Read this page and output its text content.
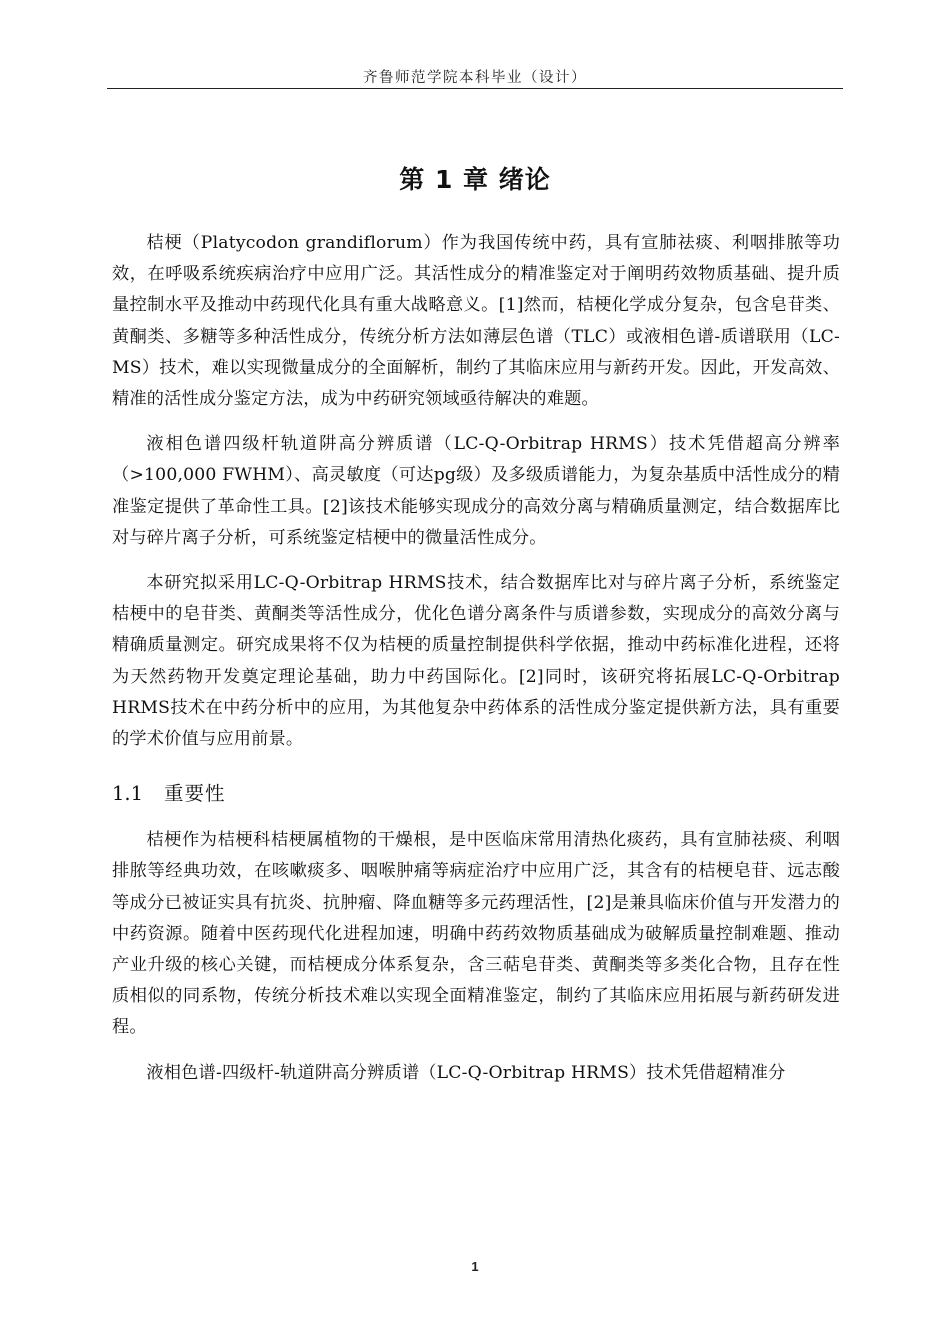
齐鲁师范学院本科毕业（设计）
第 1 章 绪论

桔梗（Platycodon grandiflorum）作为我国传统中药，具有宣肺祛痰、利咽排脓等功效，在呼吸系统疾病治疗中应用广泛。其活性成分的精准鉴定对于阐明药效物质基础、提升质量控制水平及推动中药现代化具有重大战略意义。[1]然而，桔梗化学成分复杂，包含皂苷类、黄酮类、多糖等多种活性成分，传统分析方法如薄层色谱（TLC）或液相色谱-质谱联用（LC-MS）技术，难以实现微量成分的全面解析，制约了其临床应用与新药开发。因此，开发高效、精准的活性成分鉴定方法，成为中药研究领域亟待解决的难题。

液相色谱四级杆轨道阱高分辨质谱（LC-Q-Orbitrap HRMS）技术凭借超高分辨率（>100,000 FWHM）、高灵敏度（可达pg级）及多级质谱能力，为复杂基质中活性成分的精准鉴定提供了革命性工具。[2]该技术能够实现成分的高效分离与精确质量测定，结合数据库比对与碎片离子分析，可系统鉴定桔梗中的微量活性成分。

本研究拟采用LC-Q-Orbitrap HRMS技术，结合数据库比对与碎片离子分析，系统鉴定桔梗中的皂苷类、黄酮类等活性成分，优化色谱分离条件与质谱参数，实现成分的高效分离与精确质量测定。研究成果将不仅为桔梗的质量控制提供科学依据，推动中药标准化进程，还将为天然药物开发奠定理论基础，助力中药国际化。[2]同时，该研究将拓展LC-Q-Orbitrap HRMS技术在中药分析中的应用，为其他复杂中药体系的活性成分鉴定提供新方法，具有重要的学术价值与应用前景。

1.1	重要性

桔梗作为桔梗科桔梗属植物的干燥根，是中医临床常用清热化痰药，具有宣肺祛痰、利咽排脓等经典功效，在咳嗽痰多、咽喉肿痛等病症治疗中应用广泛，其含有的桔梗皂苷、远志酸等成分已被证实具有抗炎、抗肿瘤、降血糖等多元药理活性，[2]是兼具临床价值与开发潜力的中药资源。随着中医药现代化进程加速，明确中药药效物质基础成为破解质量控制难题、推动产业升级的核心关键，而桔梗成分体系复杂，含三萜皂苷类、黄酮类等多类化合物，且存在性质相似的同系物，传统分析技术难以实现全面精准鉴定，制约了其临床应用拓展与新药研发进程。

液相色谱-四级杆-轨道阱高分辨质谱（LC-Q-Orbitrap HRMS）技术凭借超精准分

1
